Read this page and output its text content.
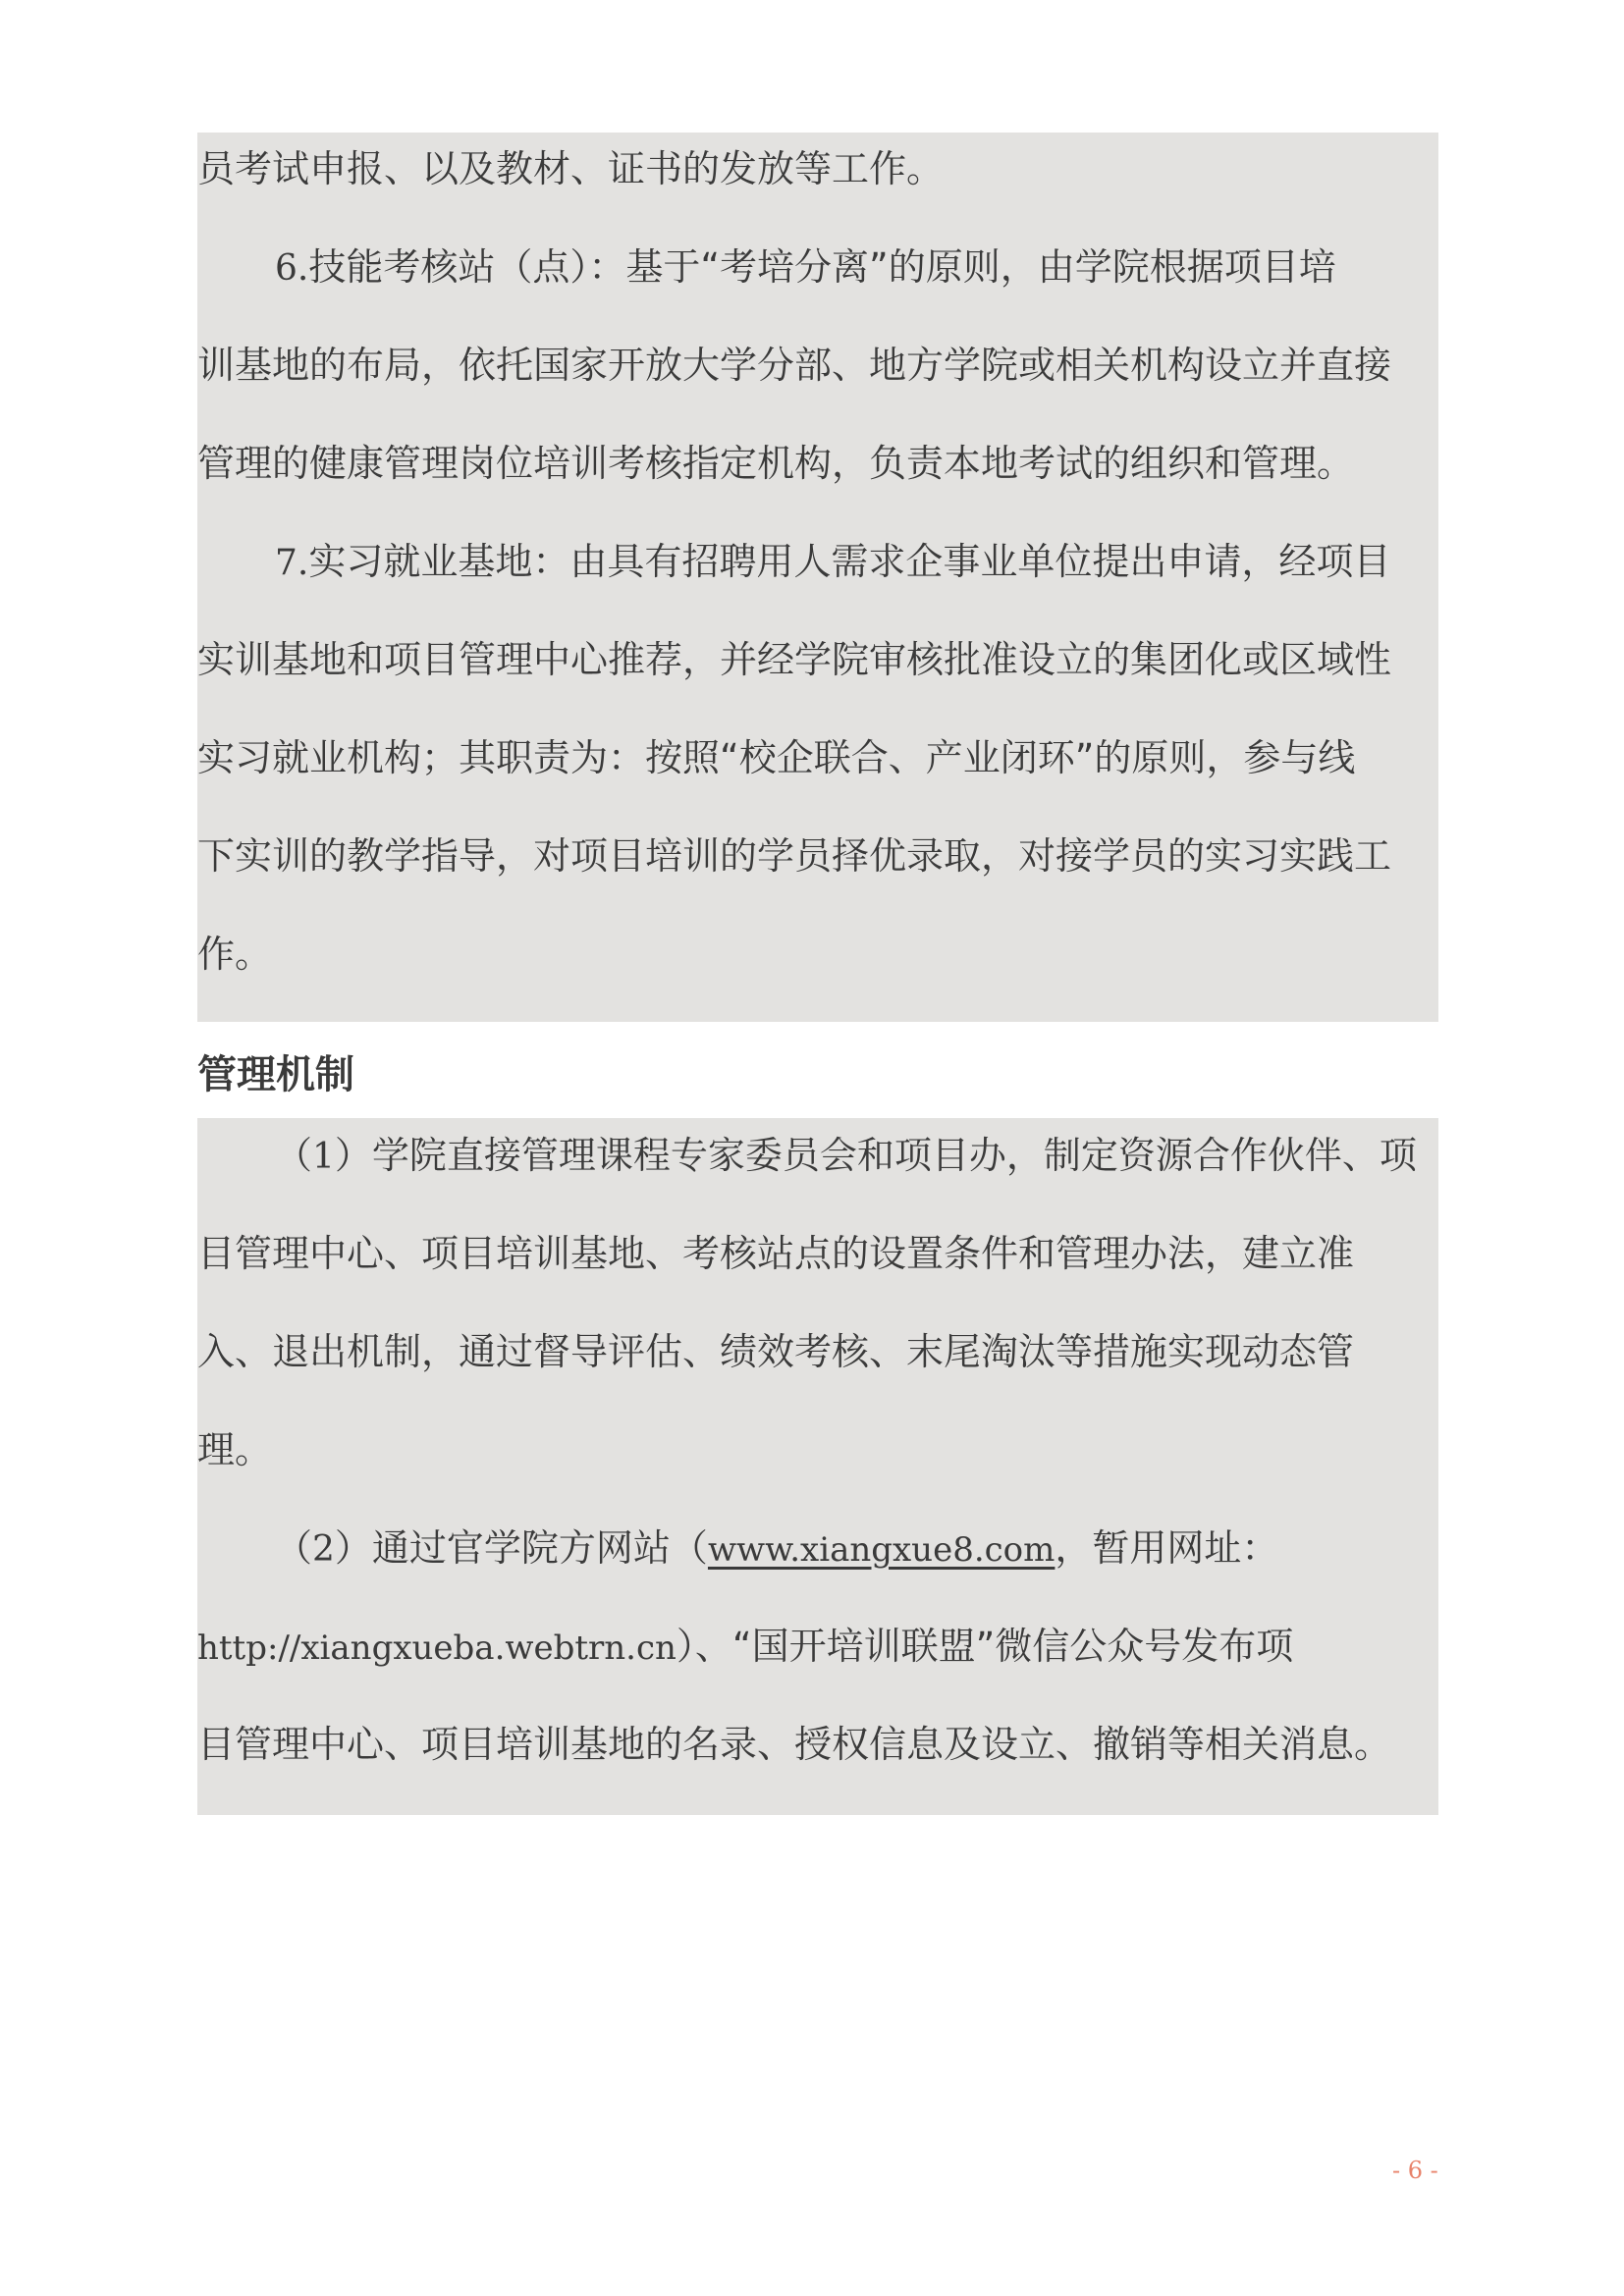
员考试申报、以及教材、证书的发放等工作。
6.技能考核站（点）：基于“考培分离”的原则，由学院根据项目培
训基地的布局，依托国家开放大学分部、地方学院或相关机构设立并直接
管理的健康管理岗位培训考核指定机构，负责本地考试的组织和管理。
7.实习就业基地：由具有招聘用人需求企事业单位提出申请，经项目
实训基地和项目管理中心推荐，并经学院审核批准设立的集团化或区域性
实习就业机构；其职责为：按照“校企联合、产业闭环”的原则，参与线
下实训的教学指导，对项目培训的学员择优录取，对接学员的实习实践工
作。
管理机制
（1）学院直接管理课程专家委员会和项目办，制定资源合作伙伴、项
目管理中心、项目培训基地、考核站点的设置条件和管理办法，建立准
入、退出机制，通过督导评估、绩效考核、末尾淘汰等措施实现动态管
理。
（2）通过官学院方网站（www.xiangxue8.com，暂用网址：
http://xiangxueba.webtrn.cn）、“国开培训联盟”微信公众号发布项
目管理中心、项目培训基地的名录、授权信息及设立、撤销等相关消息。
- 6 -
